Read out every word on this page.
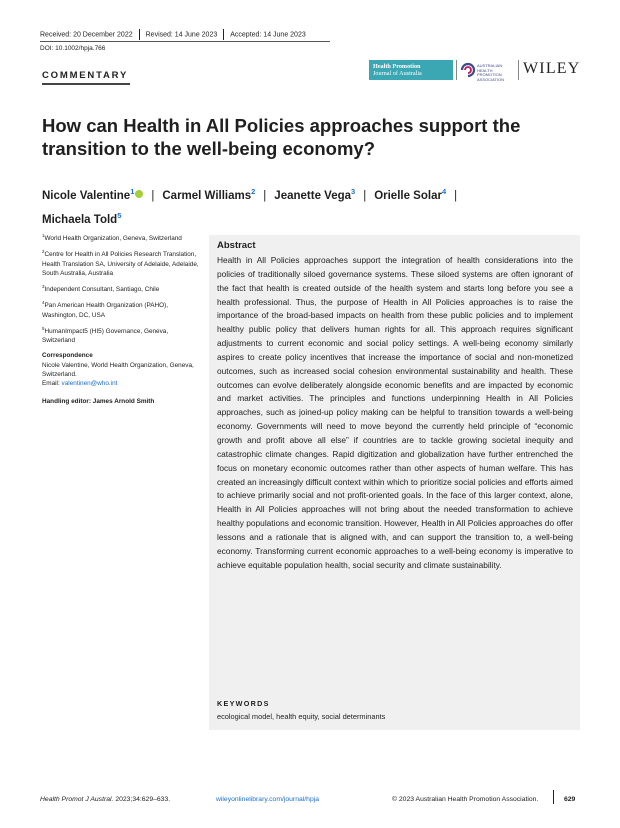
Received: 20 December 2022 Revised: 14 June 2023 Accepted: 14 June 2023
DOI: 10.1002/hpja.766
COMMENTARY
Health Promotion
Journal of Australia
AUSTRALIAN
HEALTH
PROMOTION
ASSOCIATION
WILEY
How can Health in All Policies approaches support the transition to the well-being economy?
Nicole Valentine$^1$iD | Carmel Williams$^2$ | Jeanette Vega$^3$ | Orielle Solar$^4$ |
Michaela Told$^5$
$^1$World Health Organization, Geneva, Switzerland
$^2$Centre for Health in All Policies Research Translation, Health Translation SA, University of Adelaide, Adelaide, South Australia, Australia
$^3$Independent Consultant, Santiago, Chile
$^4$Pan American Health Organization (PAHO), Washington, DC, USA
$^5$HumanImpact5 (HI5) Governance, Geneva, Switzerland
Correspondence
Nicole Valentine, World Health Organization, Geneva, Switzerland.
Email: valentinen@who.int
Handling editor: James Arnold Smith
Abstract
Health in All Policies approaches support the integration of health considerations into the policies of traditionally siloed governance systems. These siloed systems are often ignorant of the fact that health is created outside of the health system and starts long before you see a health professional. Thus, the purpose of Health in All Policies approaches is to raise the importance of the broad-based impacts on health from these public policies and to implement healthy public policy that delivers human rights for all. This approach requires significant adjustments to current economic and social policy settings. A well-being economy similarly aspires to create policy incentives that increase the importance of social and non-monetized outcomes, such as increased social cohesion environmental sustainability and health. These outcomes can evolve deliberately alongside economic benefits and are impacted by economic and market activities. The principles and functions underpinning Health in All Policies approaches, such as joined-up policy making can be helpful to transition towards a well-being economy. Governments will need to move beyond the currently held principle of “economic growth and profit above all else” if countries are to tackle growing societal inequity and catastrophic climate changes. Rapid digitization and globalization have further entrenched the focus on monetary economic outcomes rather than other aspects of human welfare. This has created an increasingly difficult context within which to prioritize social policies and efforts aimed to achieve primarily social and not profit-oriented goals. In the face of this larger context, alone, Health in All Policies approaches will not bring about the needed transformation to achieve healthy populations and economic transition. However, Health in All Policies approaches do offer lessons and a rationale that is aligned with, and can support the transition to, a well-being economy. Transforming current economic approaches to a well-being economy is imperative to achieve equitable population health, social security and climate sustainability.
KEYWORDS
ecological model, health equity, social determinants
Health Promot J Austral. 2023;34:629–633.	wileyonlinelibrary.com/journal/hpja	© 2023 Australian Health Promotion Association.	629
